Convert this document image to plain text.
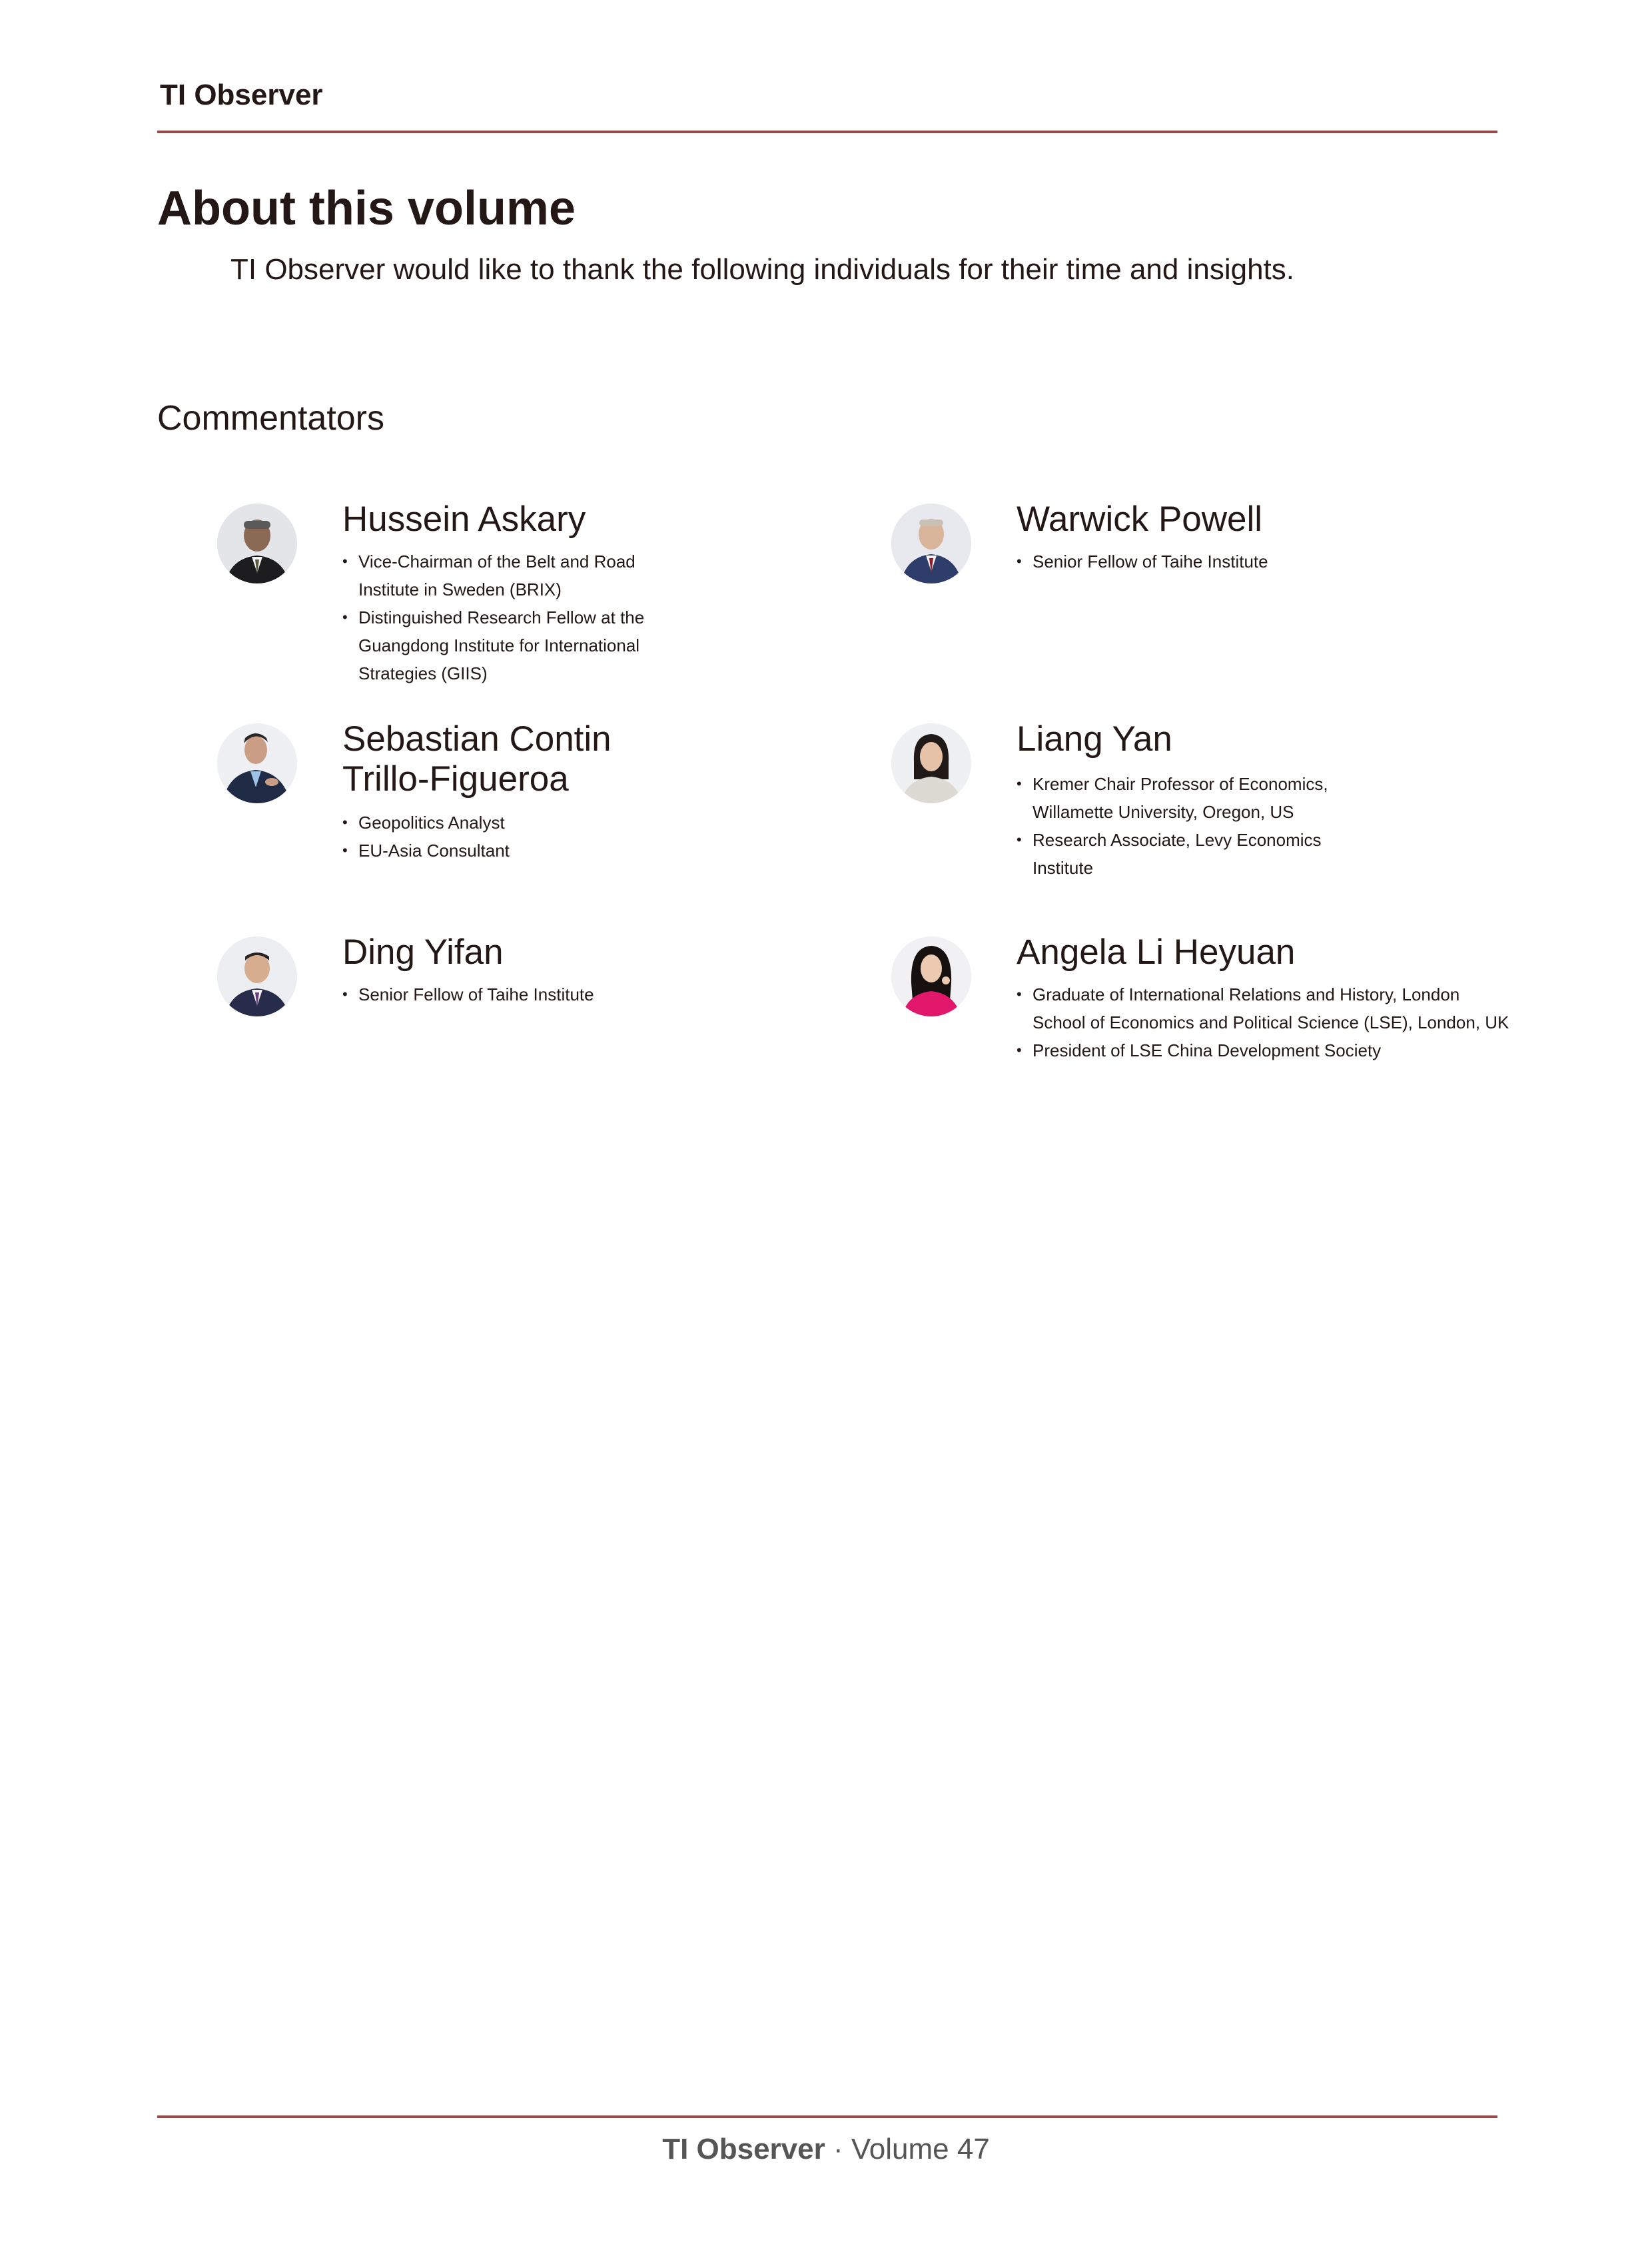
TI Observer
About this volume
TI Observer would like to thank the following individuals for their time and insights.
Commentators
Hussein Askary
• Vice-Chairman of the Belt and Road
Institute in Sweden (BRIX)
• Distinguished Research Fellow at the
Guangdong Institute for International
Strategies (GIIS)
Warwick Powell
• Senior Fellow of Taihe Institute
Sebastian Contin
Trillo-Figueroa
• Geopolitics Analyst
• EU-Asia Consultant
Liang Yan
• Kremer Chair Professor of Economics,
Willamette University, Oregon, US
• Research Associate, Levy Economics
Institute
Ding Yifan
• Senior Fellow of Taihe Institute
Angela Li Heyuan
• Graduate of International Relations and History, London
School of Economics and Political Science (LSE), London, UK
• President of LSE China Development Society
TI Observer · Volume 47
